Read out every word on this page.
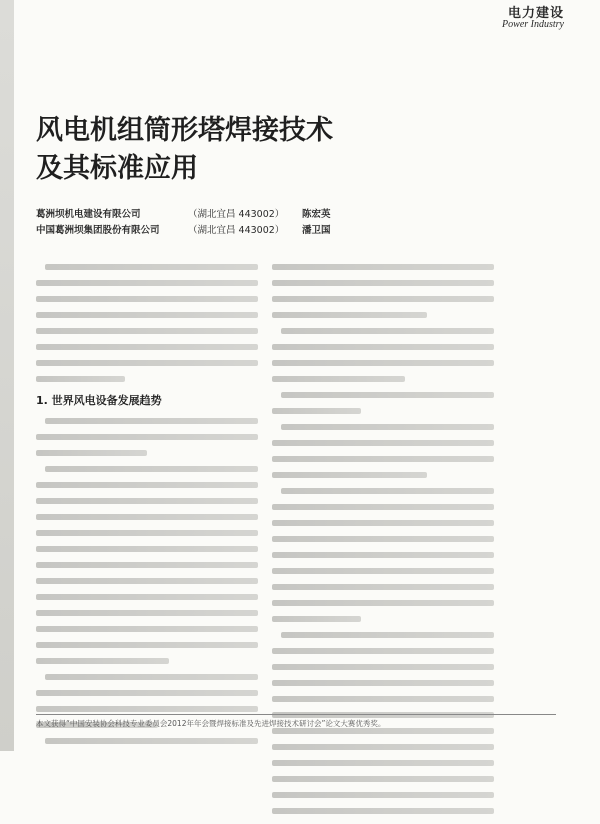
电力建设
Power Industry
风电机组筒形塔焊接技术
及其标准应用
葛洲坝机电建设有限公司	（湖北宜昌 443002）	陈宏英
中国葛洲坝集团股份有限公司	（湖北宜昌 443002）	潘卫国
1. 世界风电设备发展趋势
本文获得“中国安装协会科技专业委员会2012年年会暨焊接标准及先进焊接技术研讨会”论文大赛优秀奖。
